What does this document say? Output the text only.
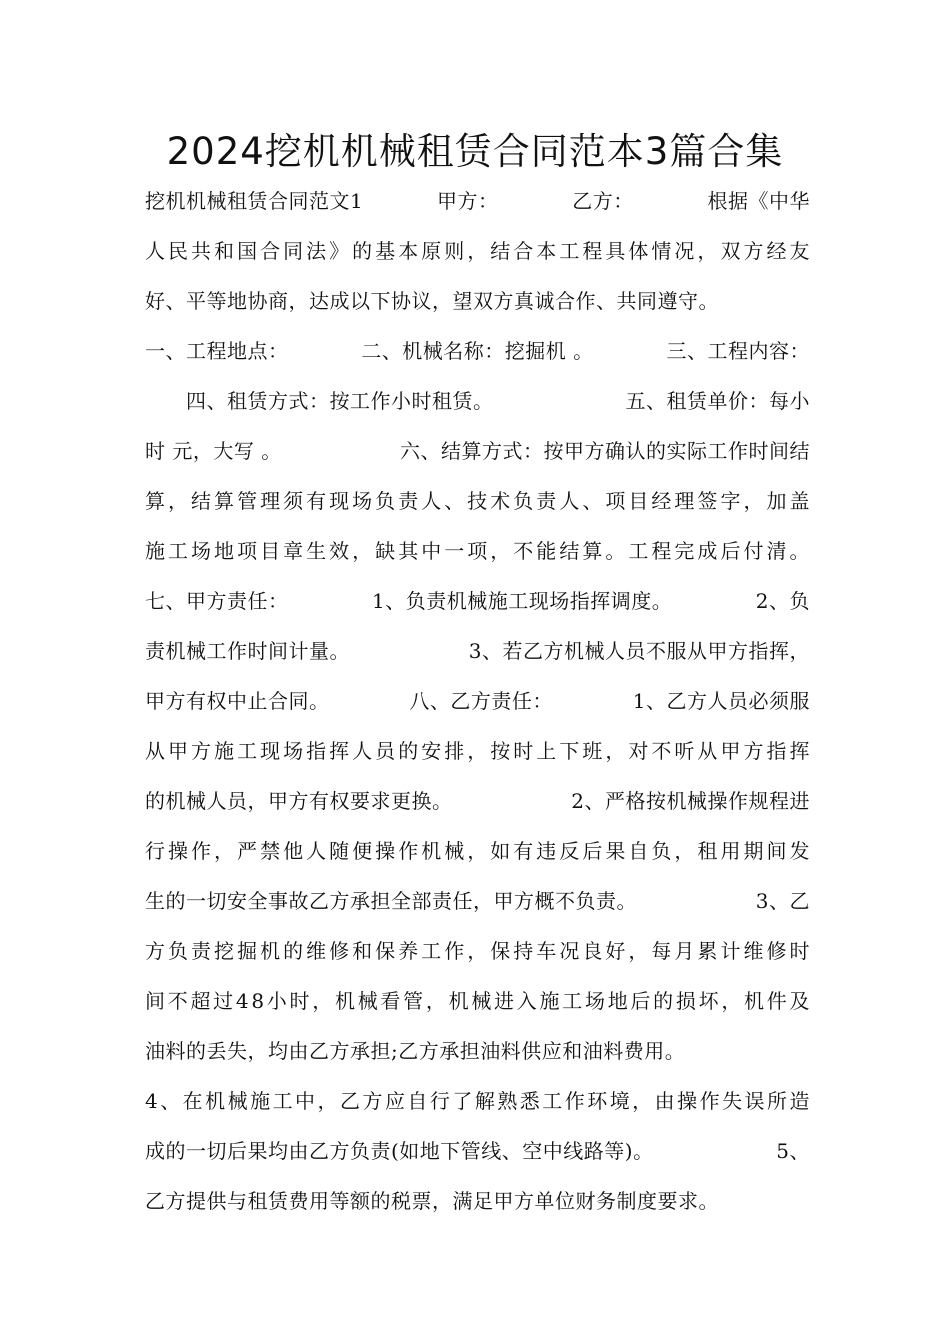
2024挖机机械租赁合同范本3篇合集
挖机机械租赁合同范文1	甲方：	乙方：	根据《中华
人民共和国合同法》的基本原则，结合本工程具体情况，双方经友
好、平等地协商，达成以下协议，望双方真诚合作、共同遵守。
一、工程地点：	二、机械名称：挖掘机 。	三、工程内容：
　　四、租赁方式：按工作小时租赁。	五、租赁单价：每小
时 元，大写 。	六、结算方式：按甲方确认的实际工作时间结
算，结算管理须有现场负责人、技术负责人、项目经理签字，加盖
施工场地项目章生效，缺其中一项，不能结算。工程完成后付清。
七、甲方责任：	1、负责机械施工现场指挥调度。	2、负
责机械工作时间计量。	3、若乙方机械人员不服从甲方指挥，
甲方有权中止合同。	八、乙方责任：	1、乙方人员必须服
从甲方施工现场指挥人员的安排，按时上下班，对不听从甲方指挥
的机械人员，甲方有权要求更换。	2、严格按机械操作规程进
行操作，严禁他人随便操作机械，如有违反后果自负，租用期间发
生的一切安全事故乙方承担全部责任，甲方概不负责。	3、乙
方负责挖掘机的维修和保养工作，保持车况良好，每月累计维修时
间不超过48小时，机械看管，机械进入施工场地后的损坏，机件及
油料的丢失，均由乙方承担;乙方承担油料供应和油料费用。
4、在机械施工中，乙方应自行了解熟悉工作环境，由操作失误所造
成的一切后果均由乙方负责(如地下管线、空中线路等)。	5、
乙方提供与租赁费用等额的税票，满足甲方单位财务制度要求。
